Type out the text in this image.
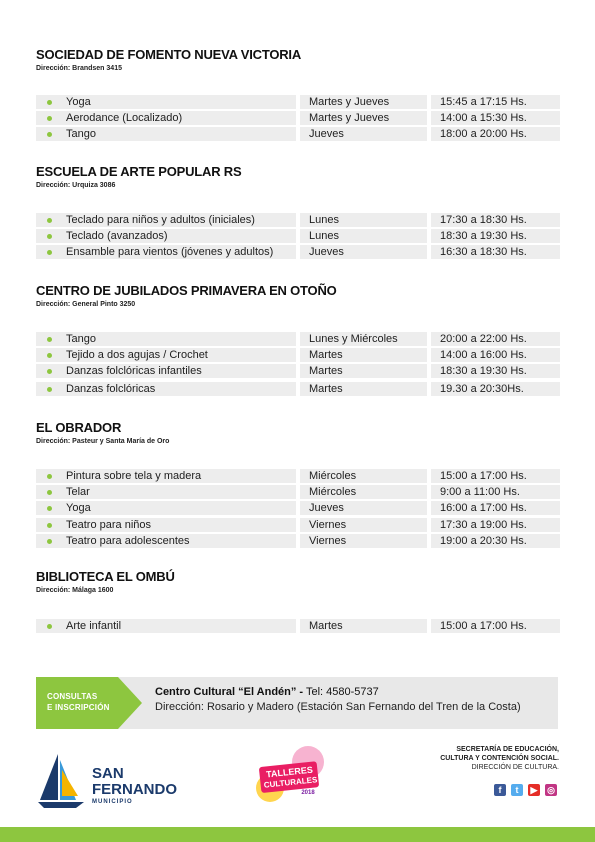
SOCIEDAD DE FOMENTO NUEVA VICTORIA
Dirección: Brandsen 3415
Yoga	Martes y Jueves	15:45 a 17:15 Hs.
Aerodance (Localizado)	Martes y Jueves	14:00 a 15:30 Hs.
Tango	Jueves	18:00 a 20:00 Hs.
ESCUELA DE ARTE POPULAR RS
Dirección: Urquiza 3086
Teclado para niños y adultos (iniciales)	Lunes	17:30 a 18:30 Hs.
Teclado (avanzados)	Lunes	18:30 a 19:30 Hs.
Ensamble para vientos (jóvenes y adultos)	Jueves	16:30 a 18:30 Hs.
CENTRO DE JUBILADOS PRIMAVERA EN OTOÑO
Dirección: General Pinto 3250
Tango	Lunes y Miércoles	20:00 a 22:00 Hs.
Tejido a dos agujas / Crochet	Martes	14:00 a 16:00 Hs.
Danzas folclóricas infantiles	Martes	18:30 a 19:30 Hs.
Danzas folclóricas	Martes	19.30 a 20:30Hs.
EL OBRADOR
Dirección: Pasteur y Santa María de Oro
Pintura sobre tela y madera	Miércoles	15:00 a 17:00 Hs.
Telar	Miércoles	9:00 a 11:00 Hs.
Yoga	Jueves	16:00 a 17:00 Hs.
Teatro para niños	Viernes	17:30 a 19:00 Hs.
Teatro para adolescentes	Viernes	19:00 a 20:30 Hs.
BIBLIOTECA EL OMBÚ
Dirección: Málaga 1600
Arte infantil	Martes	15:00 a 17:00 Hs.
CONSULTAS
E INSCRIPCIÓN
Centro Cultural “El Andén” - Tel: 4580-5737
Dirección: Rosario y Madero (Estación San Fernando del Tren de la Costa)
SAN
FERNANDO
MUNICIPIO
TALLERES
CULTURALES
2018
SECRETARÍA DE EDUCACIÓN,
CULTURA Y CONTENCIÓN SOCIAL.
DIRECCIÓN DE CULTURA.
f	t	▶ ◎
